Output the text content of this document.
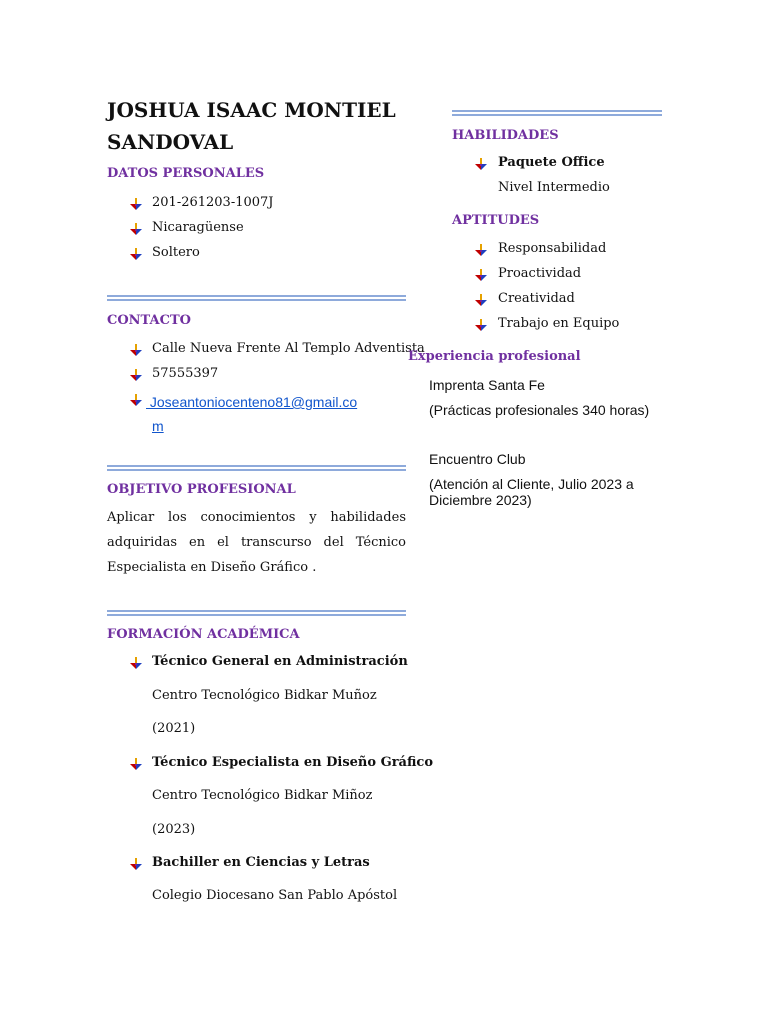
JOSHUA ISAAC MONTIEL SANDOVAL
DATOS PERSONALES
201-261203-1007J
Nicaragüense
Soltero
CONTACTO
Calle Nueva Frente Al Templo Adventista
57555397
Joseantoniocenteno81@gmail.co
m
OBJETIVO PROFESIONAL
Aplicar los conocimientos y habilidades adquiridas en el transcurso del Técnico Especialista en Diseño Gráfico .
FORMACIÓN ACADÉMICA
Técnico General en Administración
Centro Tecnológico Bidkar Muñoz
(2021)
Técnico Especialista en Diseño Gráfico
Centro Tecnológico Bidkar Miñoz
(2023)
Bachiller en Ciencias y Letras
Colegio Diocesano San Pablo Apóstol
HABILIDADES
Paquete Office
Nivel Intermedio
APTITUDES
Responsabilidad
Proactividad
Creatividad
Trabajo en Equipo
Experiencia profesional
Imprenta Santa Fe
(Prácticas profesionales 340 horas)
Encuentro Club
(Atención al Cliente, Julio 2023 a
Diciembre 2023)
